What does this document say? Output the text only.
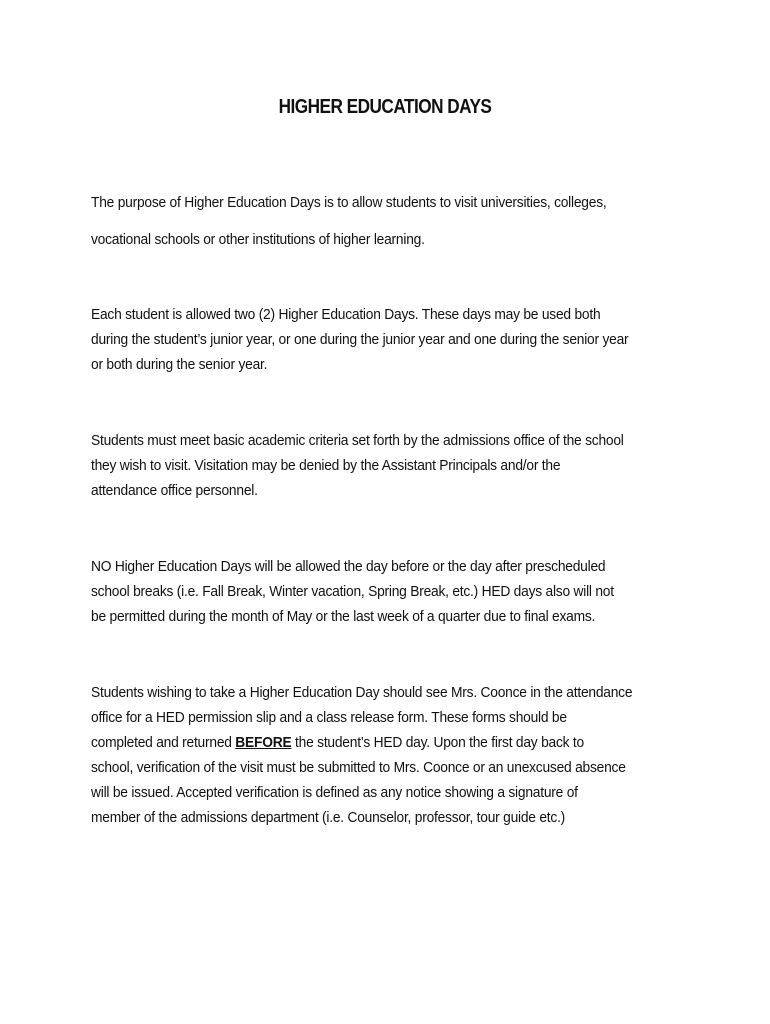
HIGHER EDUCATION DAYS
The purpose of Higher Education Days is to allow students to visit universities, colleges,
vocational schools or other institutions of higher learning.
Each student is allowed two (2) Higher Education Days. These days may be used both
during the student’s junior year, or one during the junior year and one during the senior year
or both during the senior year.
Students must meet basic academic criteria set forth by the admissions office of the school
they wish to visit. Visitation may be denied by the Assistant Principals and/or the
attendance office personnel.
NO Higher Education Days will be allowed the day before or the day after prescheduled
school breaks (i.e. Fall Break, Winter vacation, Spring Break, etc.) HED days also will not
be permitted during the month of May or the last week of a quarter due to final exams.
Students wishing to take a Higher Education Day should see Mrs. Coonce in the attendance
office for a HED permission slip and a class release form. These forms should be
completed and returned BEFORE the student’s HED day. Upon the first day back to
school, verification of the visit must be submitted to Mrs. Coonce or an unexcused absence
will be issued. Accepted verification is defined as any notice showing a signature of
member of the admissions department (i.e. Counselor, professor, tour guide etc.)
